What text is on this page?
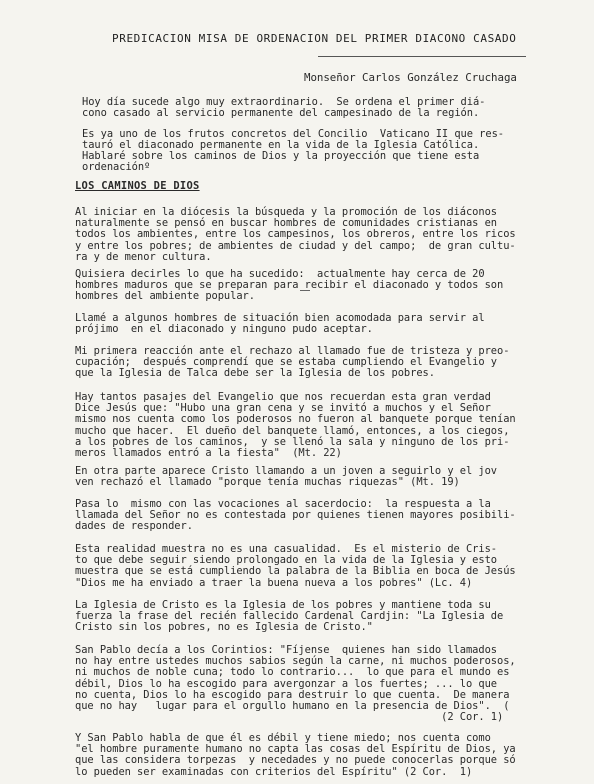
PREDICACION MISA DE ORDENACION DEL PRIMER DIACONO CASADO
Monseñor Carlos González Cruchaga
Hoy día sucede algo muy extraordinario.  Se ordena el primer diá-
cono casado al servicio permanente del campesinado de la región.
Es ya uno de los frutos concretos del Concilio  Vaticano II que res-
tauró el diaconado permanente en la vida de la Iglesia Católica.
Hablaré sobre los caminos de Dios y la proyección que tiene esta
ordenaciónº
LOS CAMINOS DE DIOS
Al iniciar en la diócesis la búsqueda y la promoción de los diáconos
naturalmente se pensó en buscar hombres de comunidades cristianas en
todos los ambientes, entre los campesinos, los obreros, entre los ricos
y entre los pobres; de ambientes de ciudad y del campo;  de gran cultu-
ra y de menor cultura.
Quisiera decirles lo que ha sucedido:  actualmente hay cerca de 20
hombres maduros que se preparan para recibir el diaconado y todos son
hombres del ambiente popular.
Llamé a algunos hombres de situación bien acomodada para servir al
prójimo  en el diaconado y ninguno pudo aceptar.
Mi primera reacción ante el rechazo al llamado fue de tristeza y preo-
cupación;  después comprendí que se estaba cumpliendo el Evangelio y
que la Iglesia de Talca debe ser la Iglesia de los pobres.
Hay tantos pasajes del Evangelio que nos recuerdan esta gran verdad
Dice Jesús que: "Hubo una gran cena y se invitó a muchos y el Señor
mismo nos cuenta como los poderosos no fueron al banquete porque tenían
mucho que hacer.  El dueño del banquete llamó, entonces, a los ciegos,
a los pobres de los caminos,  y se llenó la sala y ninguno de los pri-
meros llamados entró a la fiesta"  (Mt. 22)
En otra parte aparece Cristo llamando a un joven a seguirlo y el jov
ven rechazó el llamado "porque tenía muchas riquezas" (Mt. 19)
Pasa lo  mismo con las vocaciones al sacerdocio:  la respuesta a la
llamada del Señor no es contestada por quienes tienen mayores posibili-
dades de responder.
Esta realidad muestra no es una casualidad.  Es el misterio de Cris-
to que debe seguir siendo prolongado en la vida de la Iglesia y esto
muestra que se está cumpliendo la palabra de la Biblia en boca de Jesús
"Dios me ha enviado a traer la buena nueva a los pobres" (Lc. 4)
La Iglesia de Cristo es la Iglesia de los pobres y mantiene toda su
fuerza la frase del recién fallecido Cardenal Cardjin: "La Iglesia de
Cristo sin los pobres, no es Iglesia de Cristo."
San Pablo decía a los Corintios: "Fíjense  quienes han sido llamados
no hay entre ustedes muchos sabios según la carne, ni muchos poderosos,
ni muchos de noble cuna; todo lo contrario...  lo que para el mundo es
débil, Dios lo ha escogido para avergonzar a los fuertes; ... lo que
no cuenta, Dios lo ha escogido para destruir lo que cuenta.  De manera
que no hay   lugar para el orgullo humano en la presencia de Dios".  (
(2 Cor. 1)
Y San Pablo habla de que él es débil y tiene miedo; nos cuenta como
"el hombre puramente humano no capta las cosas del Espíritu de Dios, ya
que las considera torpezas  y necedades y no puede conocerlas porque só
lo pueden ser examinadas con criterios del Espíritu" (2 Cor.  1)
